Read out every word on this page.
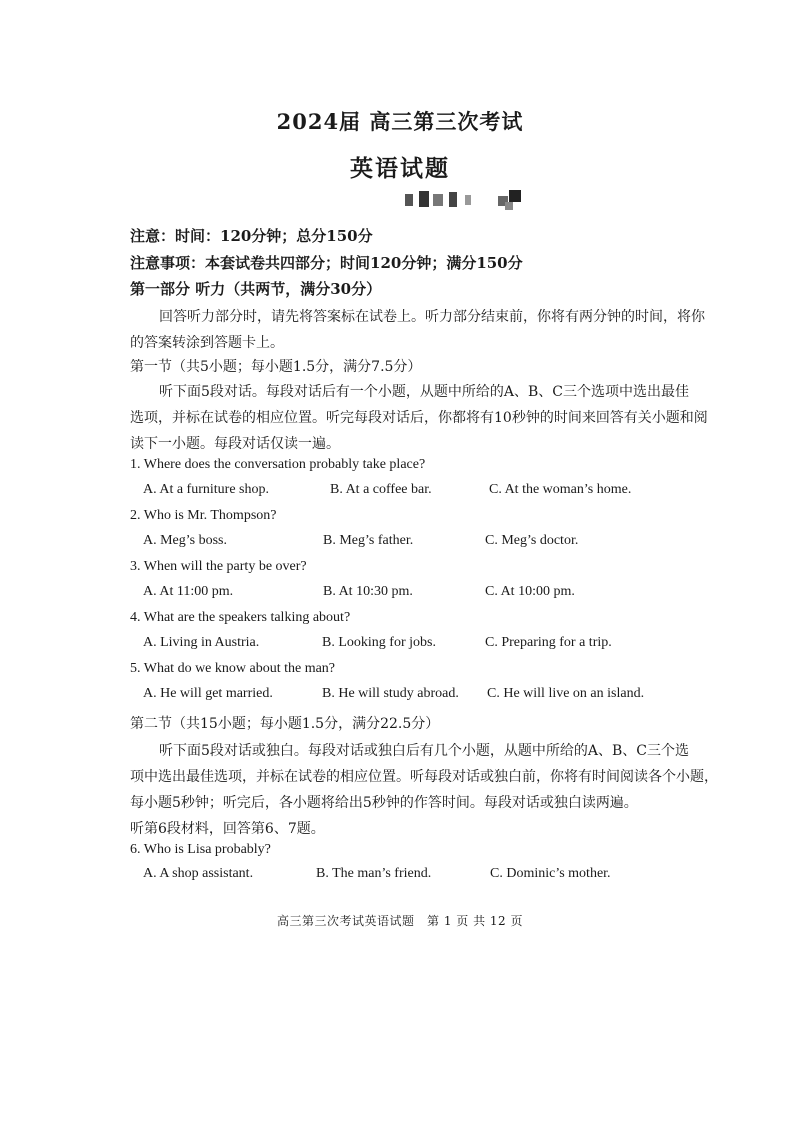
2024届 高三第三次考试
英语试题
注意：时间：120分钟；总分150分
注意事项：本套试卷共四部分；时间120分钟；满分150分
第一部分 听力（共两节，满分30分）
回答听力部分时，请先将答案标在试卷上。听力部分结束前，你将有两分钟的时间，将你
的答案转涂到答题卡上。
第一节（共5小题；每小题1.5分，满分7.5分）
听下面5段对话。每段对话后有一个小题，从题中所给的A、B、C三个选项中选出最佳
选项，并标在试卷的相应位置。听完每段对话后，你都将有10秒钟的时间来回答有关小题和阅
读下一小题。每段对话仅读一遍。
1. Where does the conversation probably take place?
A. At a furniture shop.	B. At a coffee bar.	C. At the woman’s home.
2. Who is Mr. Thompson?
A. Meg’s boss.	B. Meg’s father.	C. Meg’s doctor.
3. When will the party be over?
A. At 11:00 pm.	B. At 10:30 pm.	C. At 10:00 pm.
4. What are the speakers talking about?
A. Living in Austria.	B. Looking for jobs.	C. Preparing for a trip.
5. What do we know about the man?
A. He will get married.	B. He will study abroad. C. He will live on an island.
第二节（共15小题；每小题1.5分，满分22.5分）
听下面5段对话或独白。每段对话或独白后有几个小题，从题中所给的A、B、C三个选
项中选出最佳选项，并标在试卷的相应位置。听每段对话或独白前，你将有时间阅读各个小题，
每小题5秒钟；听完后，各小题将给出5秒钟的作答时间。每段对话或独白读两遍。
听第6段材料，回答第6、7题。
6. Who is Lisa probably?
A. A shop assistant.	B. The man’s friend.	C. Dominic’s mother.
高三第三次考试英语试题　第 1 页 共 12 页
